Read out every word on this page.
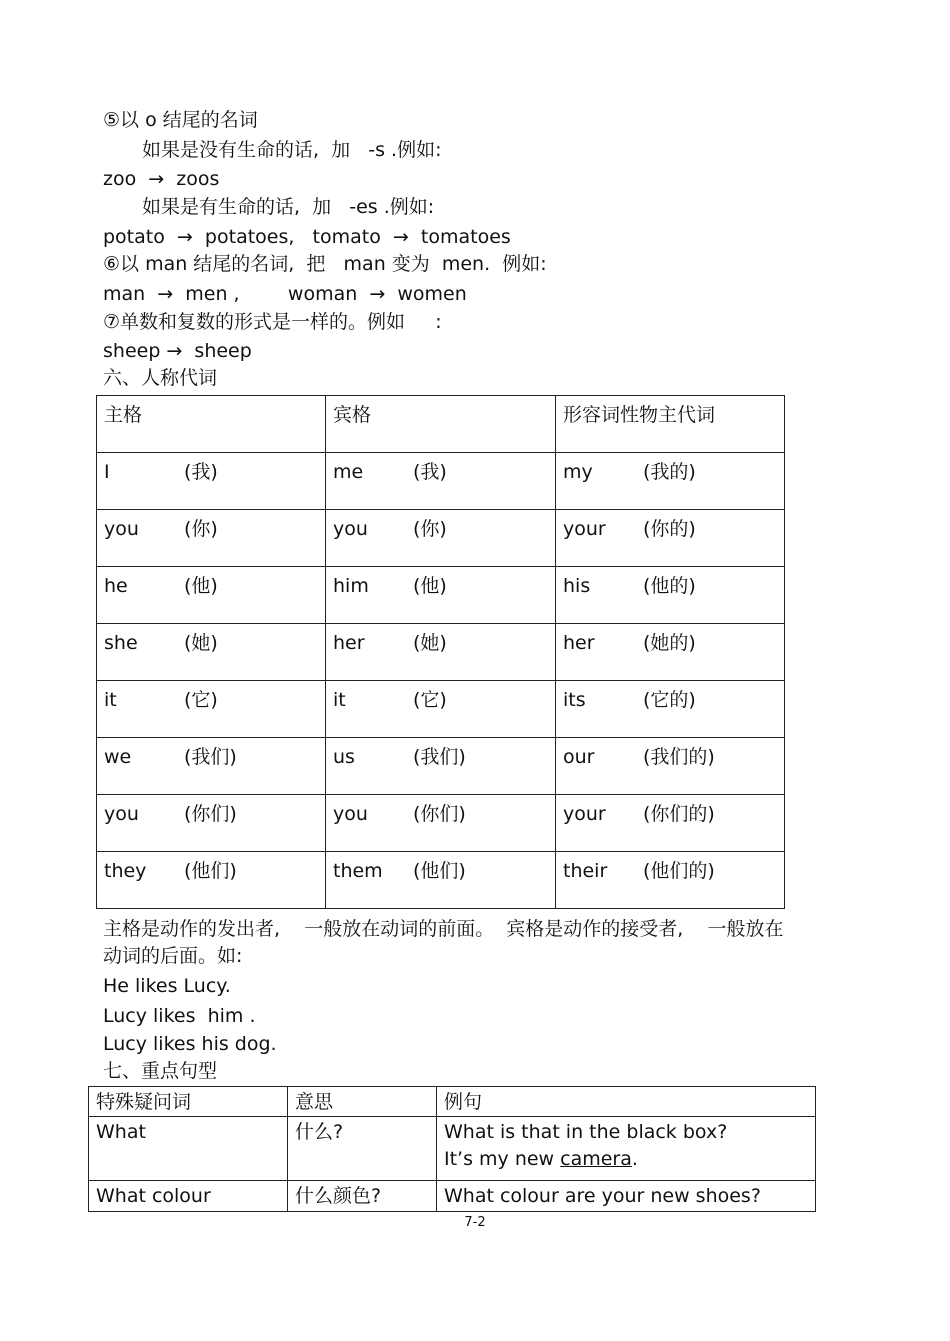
⑤以 o 结尾的名词
如果是没有生命的话,  加   -s .例如:
zoo  →  zoos
如果是有生命的话,  加   -es .例如:
potato  →  potatoes,   tomato  →  tomatoes
⑥以 man 结尾的名词,  把   man 变为  men.  例如:
man  →  men ,        woman  →  women
⑦单数和复数的形式是一样的。例如     :
sheep →  sheep
六、人称代词
主格	宾格	形容词性物主代词
I (我)	me (我)	my (我的)
you (你)	you (你)	your (你的)
he (他)	him (他)	his (他的)
she (她)	her (她)	her (她的)
it (它)	it (它)	its (它的)
we (我们)	us (我们)	our (我们的)
you (你们)	you (你们)	your (你们的)
they (他们)	them (他们)	their (他们的)
主格是动作的发出者,    一般放在动词的前面。  宾格是动作的接受者,    一般放在
动词的后面。如:
He likes Lucy.
Lucy likes  him .
Lucy likes his dog.
七、重点句型
特殊疑问词	意思	例句
What	什么?	What is that in the black box?
It’s my new camera.

What colour	什么颜色?	What colour are your new shoes?
7-2
